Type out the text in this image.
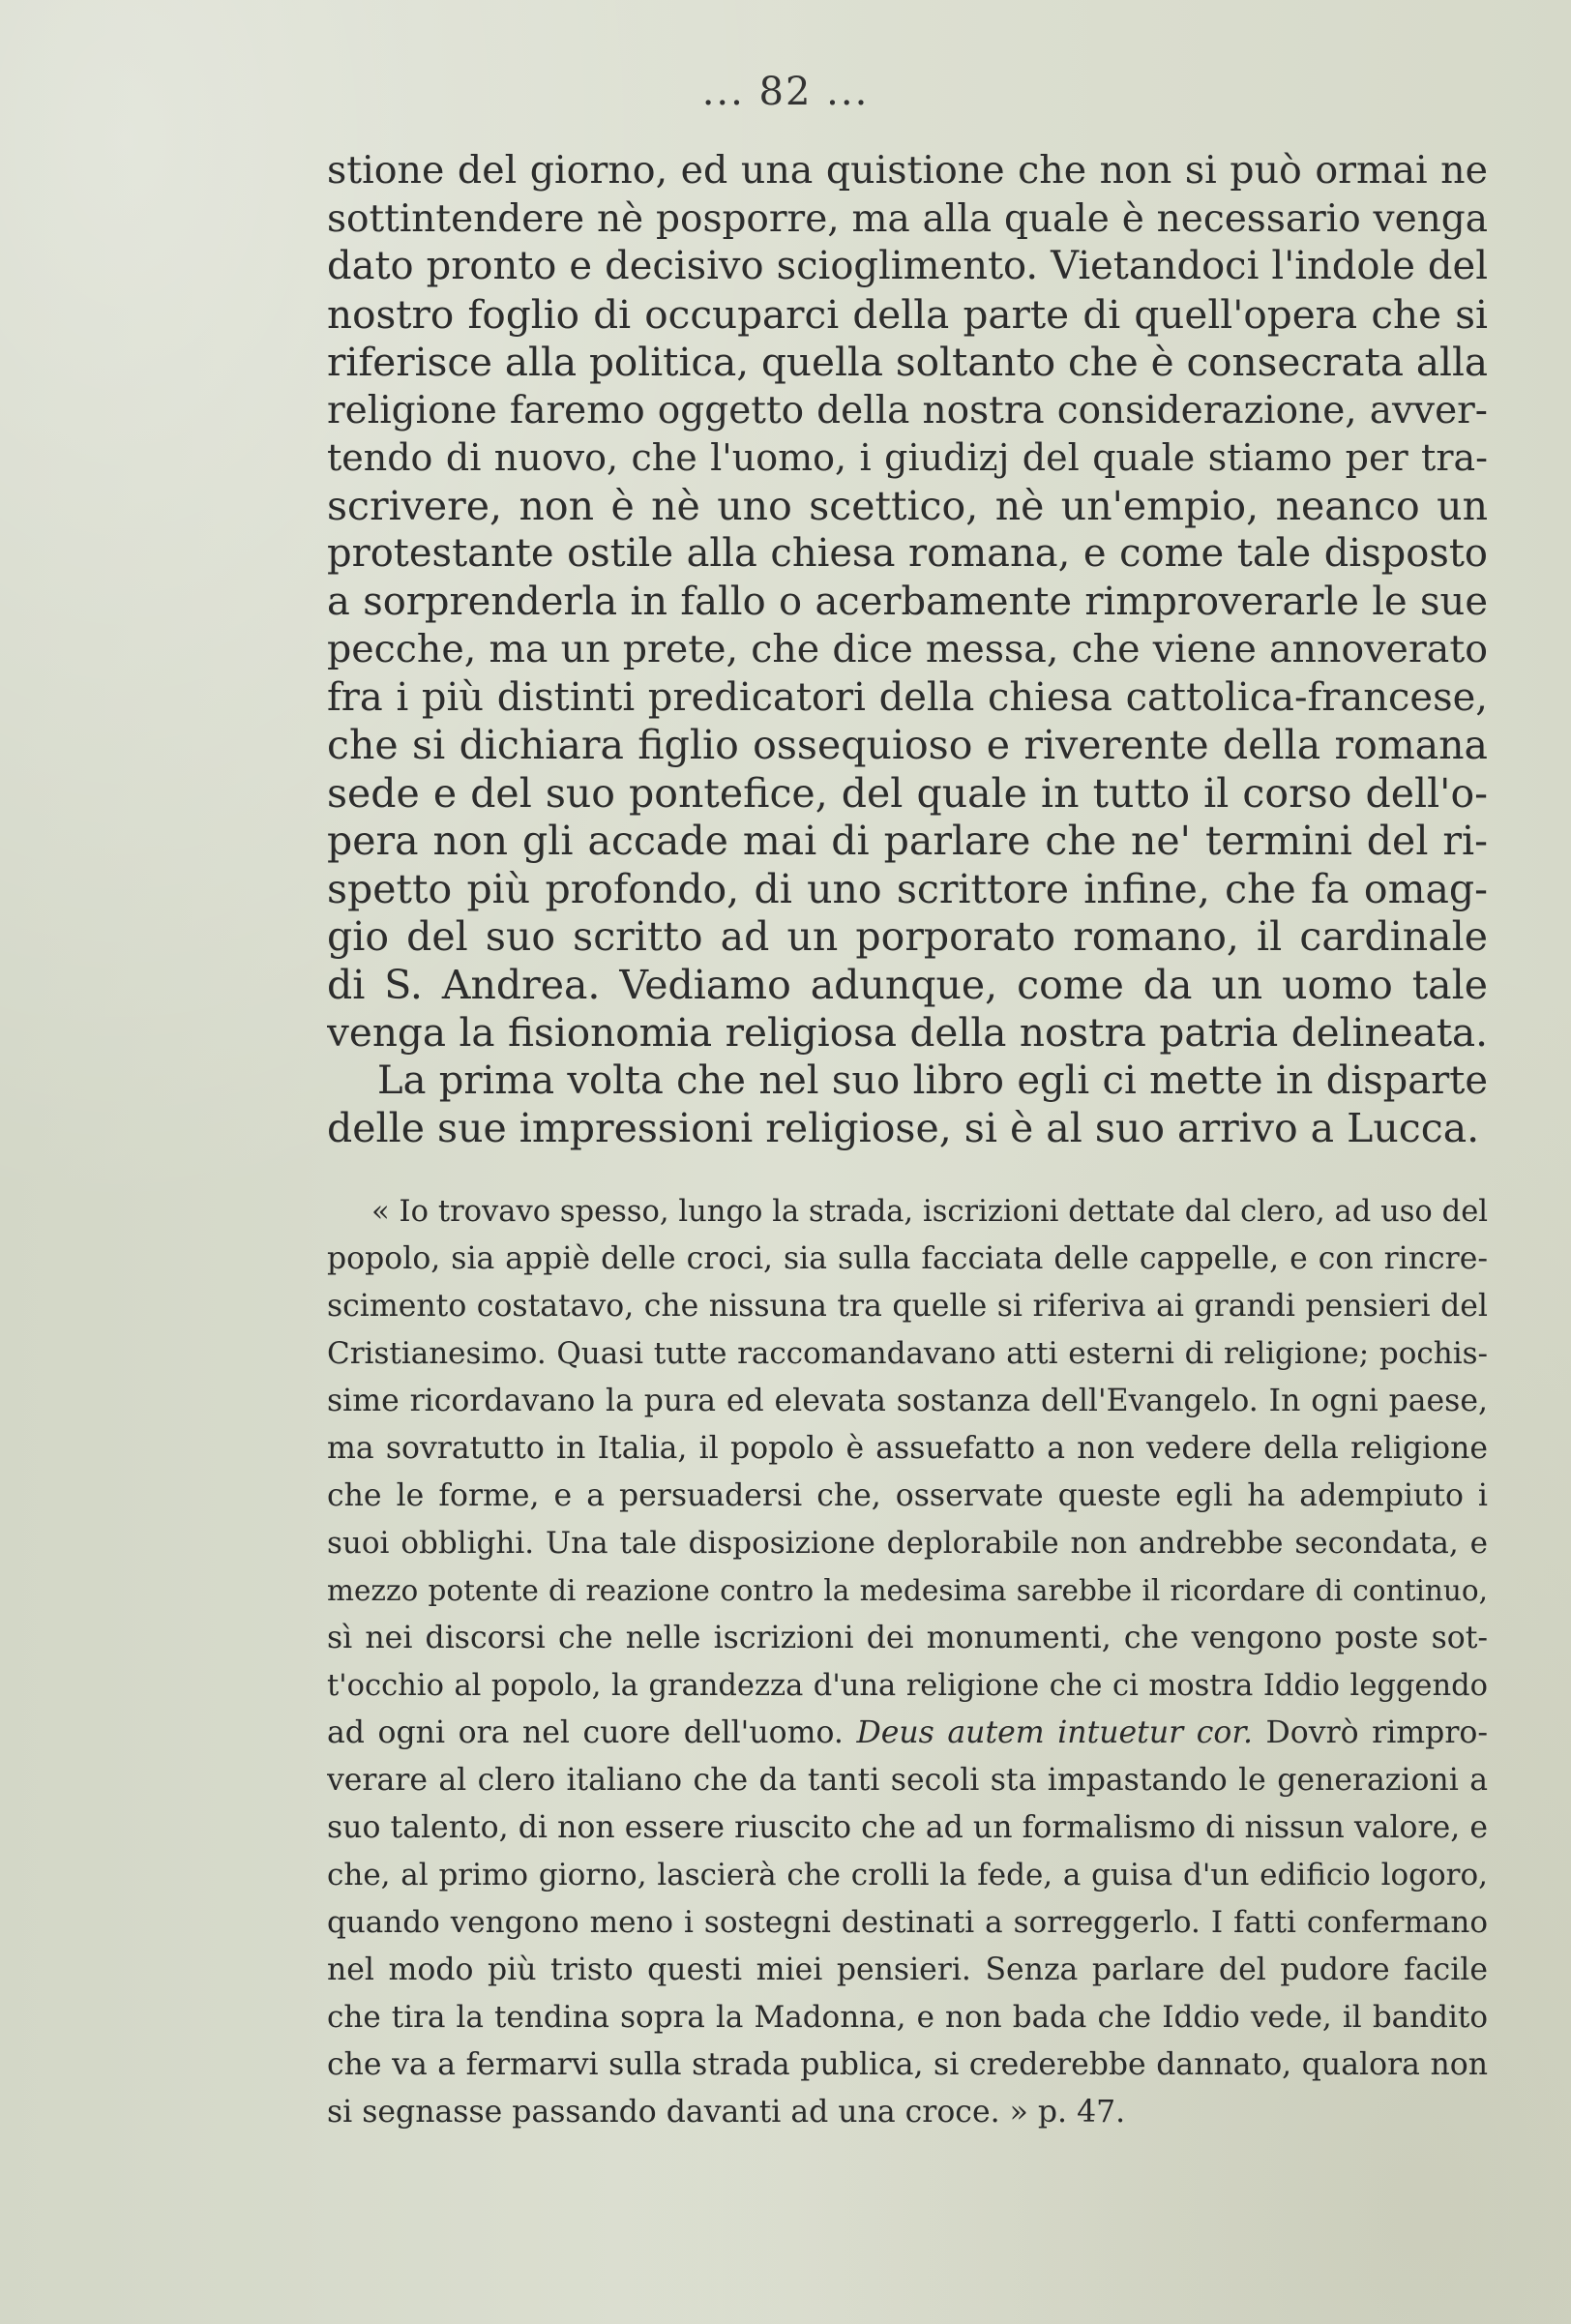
... 82 ...
stione del giorno, ed una quistione che non si può ormai ne
sottintendere nè posporre, ma alla quale è necessario venga
dato pronto e decisivo scioglimento. Vietandoci l'indole del
nostro foglio di occuparci della parte di quell'opera che si
riferisce alla politica, quella soltanto che è consecrata alla
religione faremo oggetto della nostra considerazione, avver-
tendo di nuovo, che l'uomo, i giudizj del quale stiamo per tra-
scrivere, non è nè uno scettico, nè un'empio, neanco un
protestante ostile alla chiesa romana, e come tale disposto
a sorprenderla in fallo o acerbamente rimproverarle le sue
pecche, ma un prete, che dice messa, che viene annoverato
fra i più distinti predicatori della chiesa cattolica-francese,
che si dichiara figlio ossequioso e riverente della romana
sede e del suo pontefice, del quale in tutto il corso dell'o-
pera non gli accade mai di parlare che ne' termini del ri-
spetto più profondo, di uno scrittore infine, che fa omag-
gio del suo scritto ad un porporato romano, il cardinale
di S. Andrea. Vediamo adunque, come da un uomo tale
venga la fisionomia religiosa della nostra patria delineata.
La prima volta che nel suo libro egli ci mette in disparte
delle sue impressioni religiose, si è al suo arrivo a Lucca.
« Io trovavo spesso, lungo la strada, iscrizioni dettate dal clero, ad uso del
popolo, sia appiè delle croci, sia sulla facciata delle cappelle, e con rincre-
scimento costatavo, che nissuna tra quelle si riferiva ai grandi pensieri del
Cristianesimo. Quasi tutte raccomandavano atti esterni di religione; pochis-
sime ricordavano la pura ed elevata sostanza dell'Evangelo. In ogni paese,
ma sovratutto in Italia, il popolo è assuefatto a non vedere della religione
che le forme, e a persuadersi che, osservate queste egli ha adempiuto i
suoi obblighi. Una tale disposizione deplorabile non andrebbe secondata, e
mezzo potente di reazione contro la medesima sarebbe il ricordare di continuo,
sì nei discorsi che nelle iscrizioni dei monumenti, che vengono poste sot-
t'occhio al popolo, la grandezza d'una religione che ci mostra Iddio leggendo
ad ogni ora nel cuore dell'uomo. Deus autem intuetur cor. Dovrò rimpro-
verare al clero italiano che da tanti secoli sta impastando le generazioni a
suo talento, di non essere riuscito che ad un formalismo di nissun valore, e
che, al primo giorno, lascierà che crolli la fede, a guisa d'un edificio logoro,
quando vengono meno i sostegni destinati a sorreggerlo. I fatti confermano
nel modo più tristo questi miei pensieri. Senza parlare del pudore facile
che tira la tendina sopra la Madonna, e non bada che Iddio vede, il bandito
che va a fermarvi sulla strada publica, si crederebbe dannato, qualora non
si segnasse passando davanti ad una croce. » p. 47.
